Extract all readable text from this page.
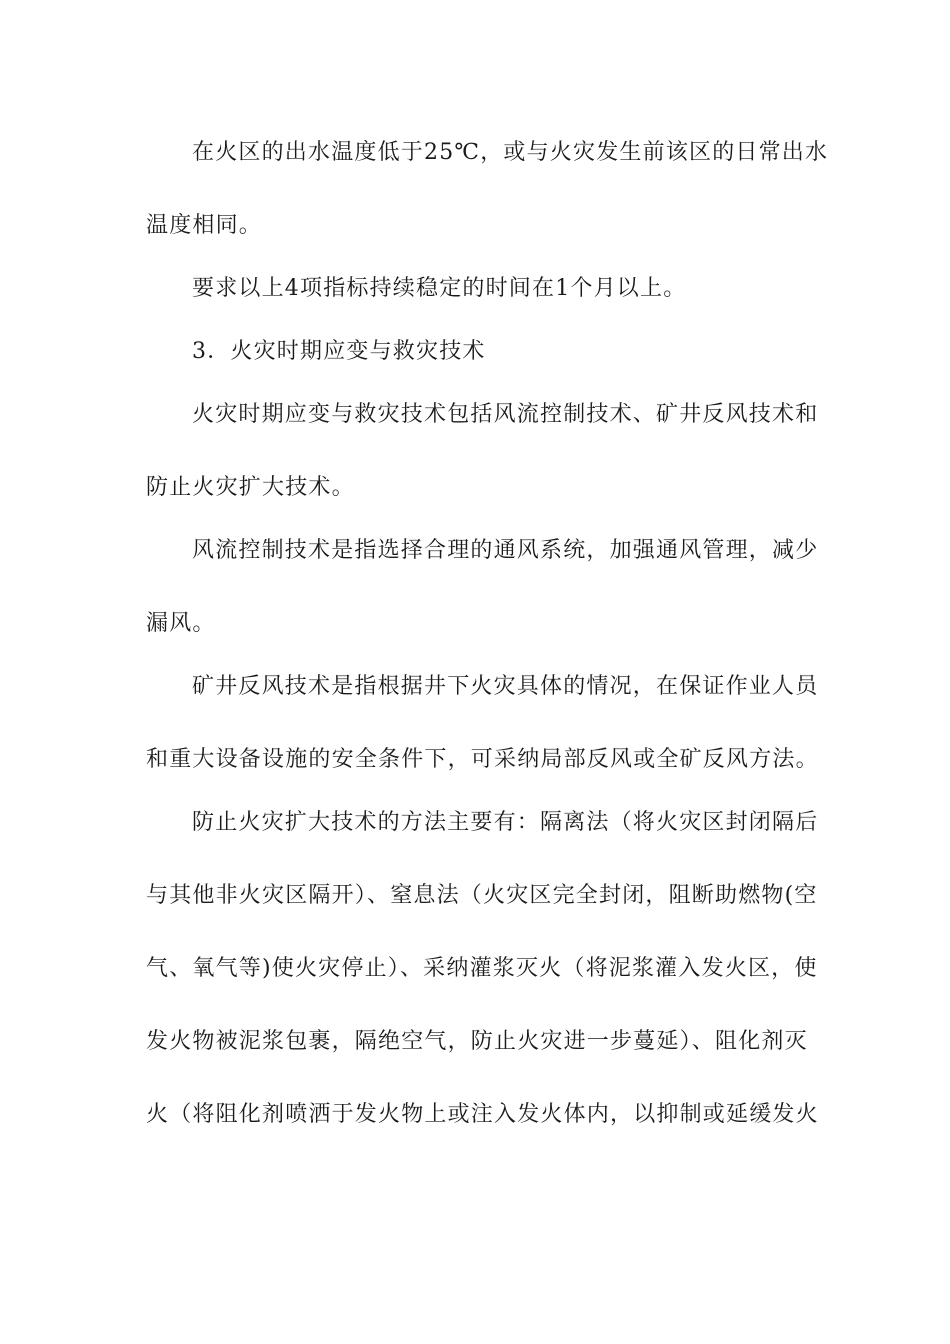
在火区的出水温度低于25℃，或与火灾发生前该区的日常出水
温度相同。
要求以上4项指标持续稳定的时间在1个月以上。
3．火灾时期应变与救灾技术
火灾时期应变与救灾技术包括风流控制技术、矿井反风技术和
防止火灾扩大技术。
风流控制技术是指选择合理的通风系统，加强通风管理，减少
漏风。
矿井反风技术是指根据井下火灾具体的情况，在保证作业人员
和重大设备设施的安全条件下，可采纳局部反风或全矿反风方法。
防止火灾扩大技术的方法主要有：隔离法（将火灾区封闭隔后
与其他非火灾区隔开）、窒息法（火灾区完全封闭，阻断助燃物(空
气、氧气等)使火灾停止）、采纳灌浆灭火（将泥浆灌入发火区，使
发火物被泥浆包裹，隔绝空气，防止火灾进一步蔓延）、阻化剂灭
火（将阻化剂喷洒于发火物上或注入发火体内，以抑制或延缓发火
